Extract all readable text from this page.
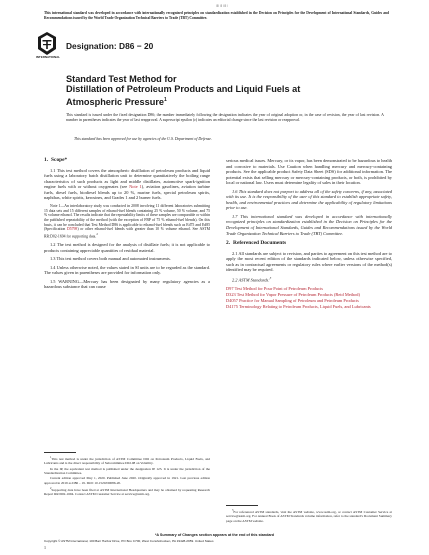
This international standard was developed in accordance with internationally recognized principles on standardization established in the Decision on Principles for the Development of International Standards, Guides and Recommendations issued by the World Trade Organization Technical Barriers to Trade (TBT) Committee.
INTERNATIONAL
Designation: D86 − 20
Standard Test Method for
Distillation of Petroleum Products and Liquid Fuels at
Atmospheric Pressure$^1$
This standard is issued under the fixed designation D86; the number immediately following the designation indicates the year of original adoption or, in the case of revision, the year of last revision. A number in parentheses indicates the year of last reapproval. A superscript epsilon (ε) indicates an editorial change since the last revision or reapproval.
This standard has been approved for use by agencies of the U.S. Department of Defense.
1. Scope*

1.1 This test method covers the atmospheric distillation of petroleum products and liquid fuels using a laboratory batch distillation unit to determine quantitatively the boiling range characteristics of such products as light and middle distillates, automotive spark-ignition engine fuels with or without oxygenates (see Note 1), aviation gasolines, aviation turbine fuels, diesel fuels, biodiesel blends up to 20 %, marine fuels, special petroleum spirits, naphthas, white spirits, kerosines, and Grades 1 and 2 burner fuels.

Note 1—An interlaboratory study was conducted in 2008 involving 11 different laboratories submitting 15 data sets and 15 different samples of ethanol-fuel blends containing 25 % volume, 50 % volume, and 75 % volume ethanol. The results indicate that the repeatability limits of these samples are comparable or within the published repeatability of the method (with the exception of FBP of 75 % ethanol-fuel blends). On this basis, it can be concluded that Test Method D86 is applicable to ethanol-fuel blends such as Ed75 and Ed85 (Specification D5798) or other ethanol-fuel blends with greater than 10 % volume ethanol. See ASTM RR:D02-1694 for supporting data.$^2$

1.2 The test method is designed for the analysis of distillate fuels; it is not applicable to products containing appreciable quantities of residual material.

1.3 This test method covers both manual and automated instruments.

1.4 Unless otherwise noted, the values stated in SI units are to be regarded as the standard. The values given in parentheses are provided for information only.

1.5 WARNING—Mercury has been designated by many regulatory agencies as a hazardous substance that can cause

$^1$This test method is under the jurisdiction of ASTM Committee D02 on Petroleum Products, Liquid Fuels, and Lubricants and is the direct responsibility of Subcommittee D02.08 on Volatility.

In the IP, the equivalent test method is published under the designation IP 123. It is under the jurisdiction of the Standardization Committee.

Current edition approved May 1, 2020. Published June 2020. Originally approved in 1921. Last previous edition approved in 2019 as D86 – 19. DOI: 10.1520/D0086-20.

$^2$Supporting data have been filed at ASTM International Headquarters and may be obtained by requesting Research Report RR:D02-1694. Contact ASTM Customer Service at service@astm.org.

serious medical issues. Mercury, or its vapor, has been demonstrated to be hazardous to health and corrosive to materials. Use Caution when handling mercury and mercury-containing products. See the applicable product Safety Data Sheet (SDS) for additional information. The potential exists that selling mercury or mercury-containing products, or both, is prohibited by local or national law. Users must determine legality of sales in their location.

1.6 This standard does not purport to address all of the safety concerns, if any, associated with its use. It is the responsibility of the user of this standard to establish appropriate safety, health, and environmental practices and determine the applicability of regulatory limitations prior to use.

1.7 This international standard was developed in accordance with internationally recognized principles on standardization established in the Decision on Principles for the Development of International Standards, Guides and Recommendations issued by the World Trade Organization Technical Barriers to Trade (TBT) Committee.

2. Referenced Documents

2.1 All standards are subject to revision, and parties to agreement on this test method are to apply the most recent edition of the standards indicated below, unless otherwise specified, such as in contractual agreements or regulatory rules where earlier versions of the method(s) identified may be required.

2.2 ASTM Standards:$^3$

D97 Test Method for Pour Point of Petroleum Products
D323 Test Method for Vapor Pressure of Petroleum Products (Reid Method)
D4057 Practice for Manual Sampling of Petroleum and Petroleum Products
D4175 Terminology Relating to Petroleum Products, Liquid Fuels, and Lubricants

$^3$For referenced ASTM standards, visit the ASTM website, www.astm.org, or contact ASTM Customer Service at service@astm.org. For Annual Book of ASTM Standards volume information, refer to the standard's Document Summary page on the ASTM website.

*A Summary of Changes section appears at the end of this standard
Copyright © ASTM International, 100 Barr Harbor Drive, PO Box C700, West Conshohocken, PA 19428-2959. United States
1
ⅰ𝐥ⅰ ⅰ𝐥 ⅰⅰ𝐥 ⅰ
